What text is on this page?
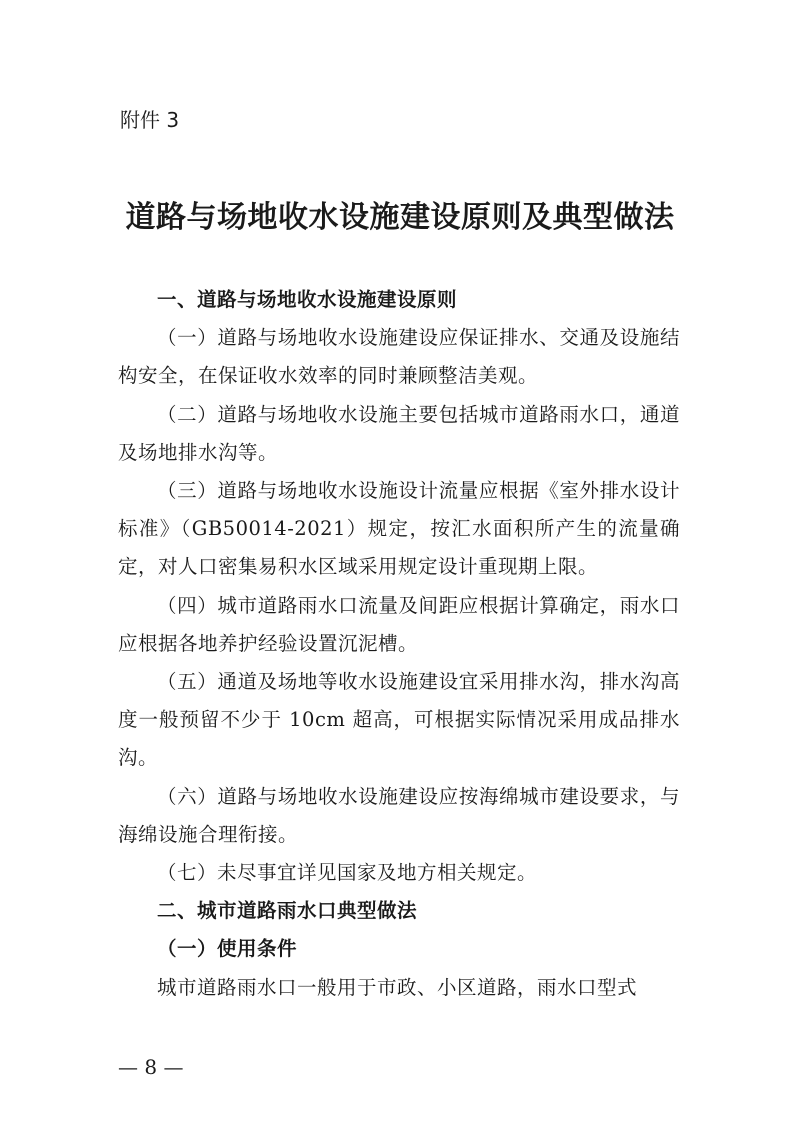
附件 3
道路与场地收水设施建设原则及典型做法

一、道路与场地收水设施建设原则

（一）道路与场地收水设施建设应保证排水、交通及设施结构安全，在保证收水效率的同时兼顾整洁美观。

（二）道路与场地收水设施主要包括城市道路雨水口，通道及场地排水沟等。

（三）道路与场地收水设施设计流量应根据《室外排水设计标准》（GB50014-2021）规定，按汇水面积所产生的流量确定，对人口密集易积水区域采用规定设计重现期上限。

（四）城市道路雨水口流量及间距应根据计算确定，雨水口应根据各地养护经验设置沉泥槽。

（五）通道及场地等收水设施建设宜采用排水沟，排水沟高度一般预留不少于 10cm 超高，可根据实际情况采用成品排水沟。

（六）道路与场地收水设施建设应按海绵城市建设要求，与海绵设施合理衔接。

（七）未尽事宜详见国家及地方相关规定。

二、城市道路雨水口典型做法

（一）使用条件

城市道路雨水口一般用于市政、小区道路，雨水口型式

— 8 —
